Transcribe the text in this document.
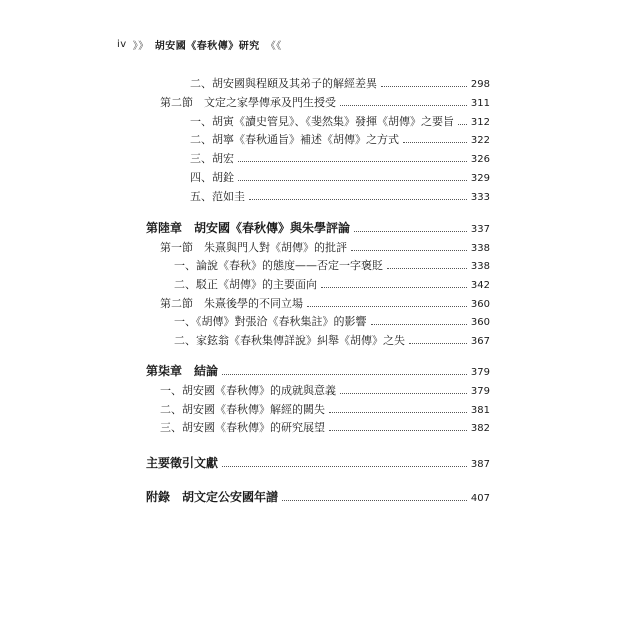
iv 》》 胡安國《春秋傳》研究 《《
二、胡安國與程頤及其弟子的解經差異	298
第二節　文定之家學傳承及門生授受	311
一、胡寅《讀史管見》、《斐然集》發揮《胡傳》之要旨 312
二、胡寧《春秋通旨》補述《胡傳》之方式	322
三、胡宏	326
四、胡銓	329
五、范如圭	333
第陸章　胡安國《春秋傳》與朱學評論	337
第一節　朱熹與門人對《胡傳》的批評	338
一、論說《春秋》的態度——否定一字褒貶	338
二、駁正《胡傳》的主要面向	342
第二節　朱熹後學的不同立場	360
一、《胡傳》對張洽《春秋集註》的影響	360
二、家鉉翁《春秋集傳詳說》糾舉《胡傳》之失	367
第柒章　結論	379
一、胡安國《春秋傳》的成就與意義	379
二、胡安國《春秋傳》解經的闕失	381
三、胡安國《春秋傳》的研究展望	382
主要徵引文獻	387
附錄　胡文定公安國年譜	407
